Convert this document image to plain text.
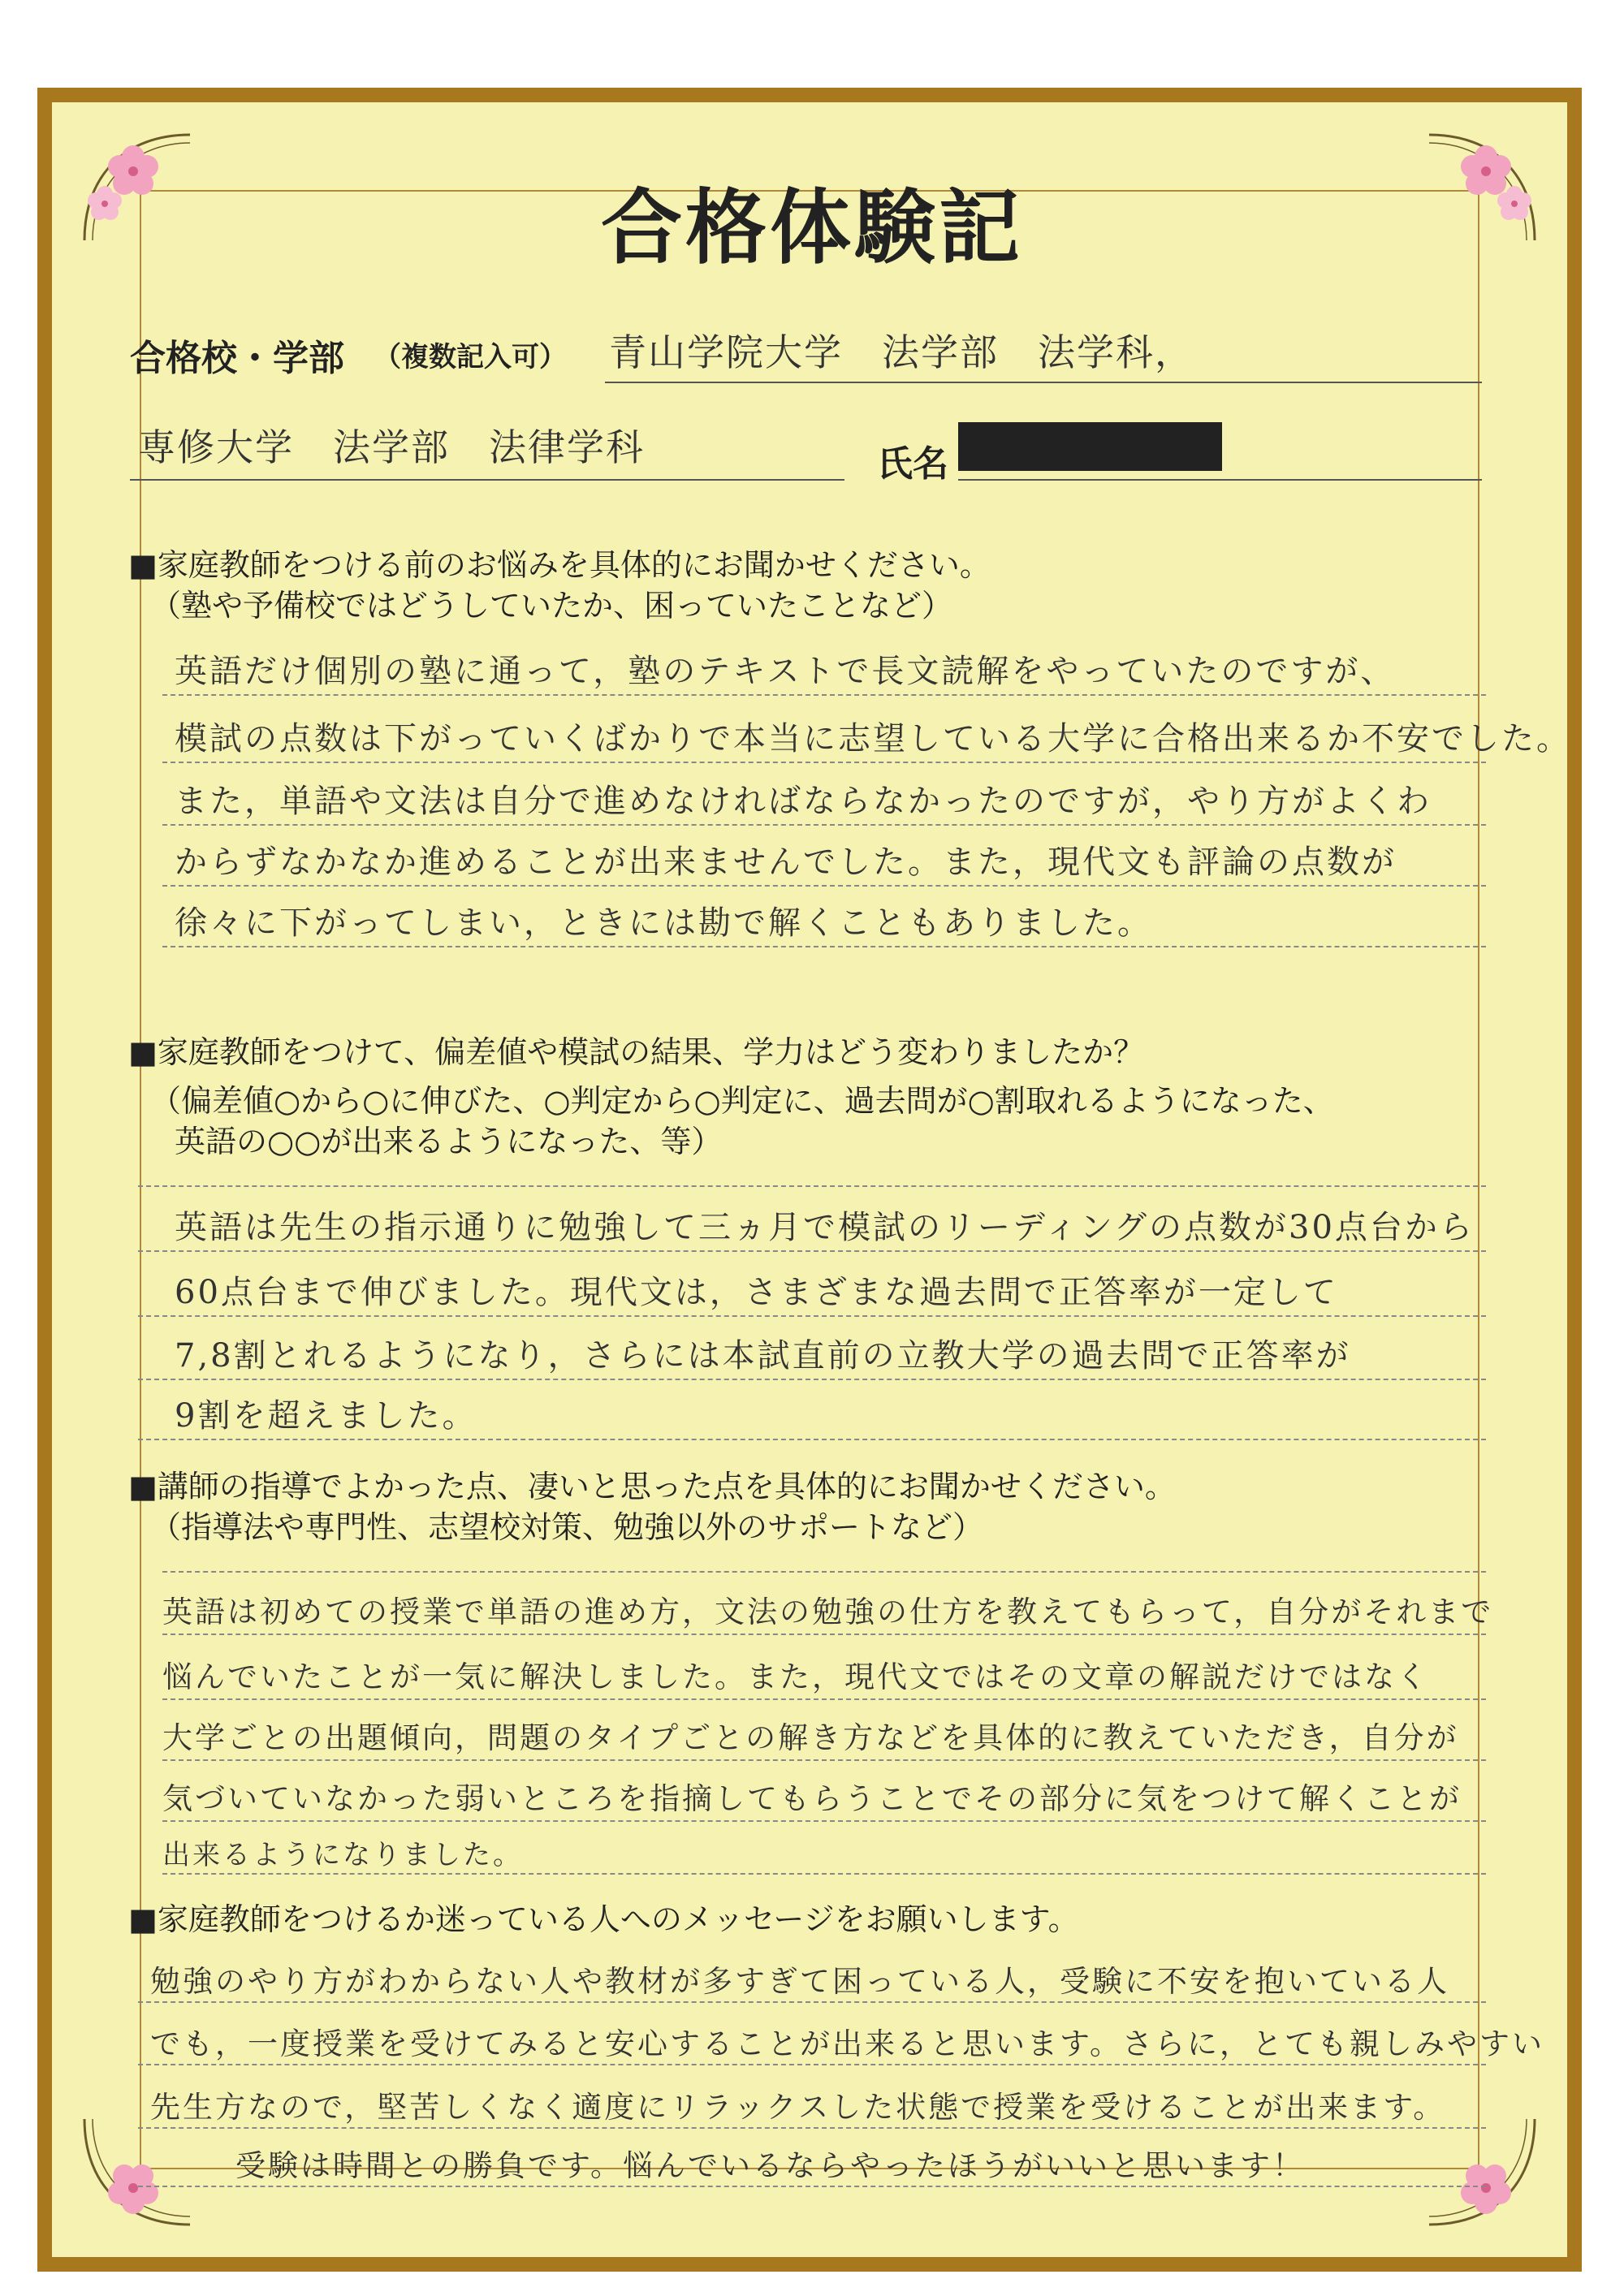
合格体験記
合格校・学部 （複数記入可） 青山学院大学　法学部　法学科，
専修大学　法学部　法律学科	氏名
■家庭教師をつける前のお悩みを具体的にお聞かせください。
（塾や予備校ではどうしていたか、困っていたことなど）
英語だけ個別の塾に通って，塾のテキストで長文読解をやっていたのですが、
模試の点数は下がっていくばかりで本当に志望している大学に合格出来るか不安でした。
また，単語や文法は自分で進めなければならなかったのですが，やり方がよくわ
からずなかなか進めることが出来ませんでした。また，現代文も評論の点数が
徐々に下がってしまい，ときには勘で解くこともありました。
■家庭教師をつけて、偏差値や模試の結果、学力はどう変わりましたか？
（偏差値○から○に伸びた、○判定から○判定に、過去問が○割取れるようになった、
英語の○○が出来るようになった、等）
英語は先生の指示通りに勉強して三ヵ月で模試のリーディングの点数が30点台から
60点台まで伸びました。現代文は，さまざまな過去問で正答率が一定して
7,8割とれるようになり，さらには本試直前の立教大学の過去問で正答率が
9割を超えました。
■講師の指導でよかった点、凄いと思った点を具体的にお聞かせください。
（指導法や専門性、志望校対策、勉強以外のサポートなど）
英語は初めての授業で単語の進め方，文法の勉強の仕方を教えてもらって，自分がそれまで
悩んでいたことが一気に解決しました。また，現代文ではその文章の解説だけではなく
大学ごとの出題傾向，問題のタイプごとの解き方などを具体的に教えていただき，自分が
気づいていなかった弱いところを指摘してもらうことでその部分に気をつけて解くことが
出来るようになりました。
■家庭教師をつけるか迷っている人へのメッセージをお願いします。
勉強のやり方がわからない人や教材が多すぎて困っている人，受験に不安を抱いている人
でも，一度授業を受けてみると安心することが出来ると思います。さらに，とても親しみやすい
先生方なので，堅苦しくなく適度にリラックスした状態で授業を受けることが出来ます。
受験は時間との勝負です。悩んでいるならやったほうがいいと思います！
